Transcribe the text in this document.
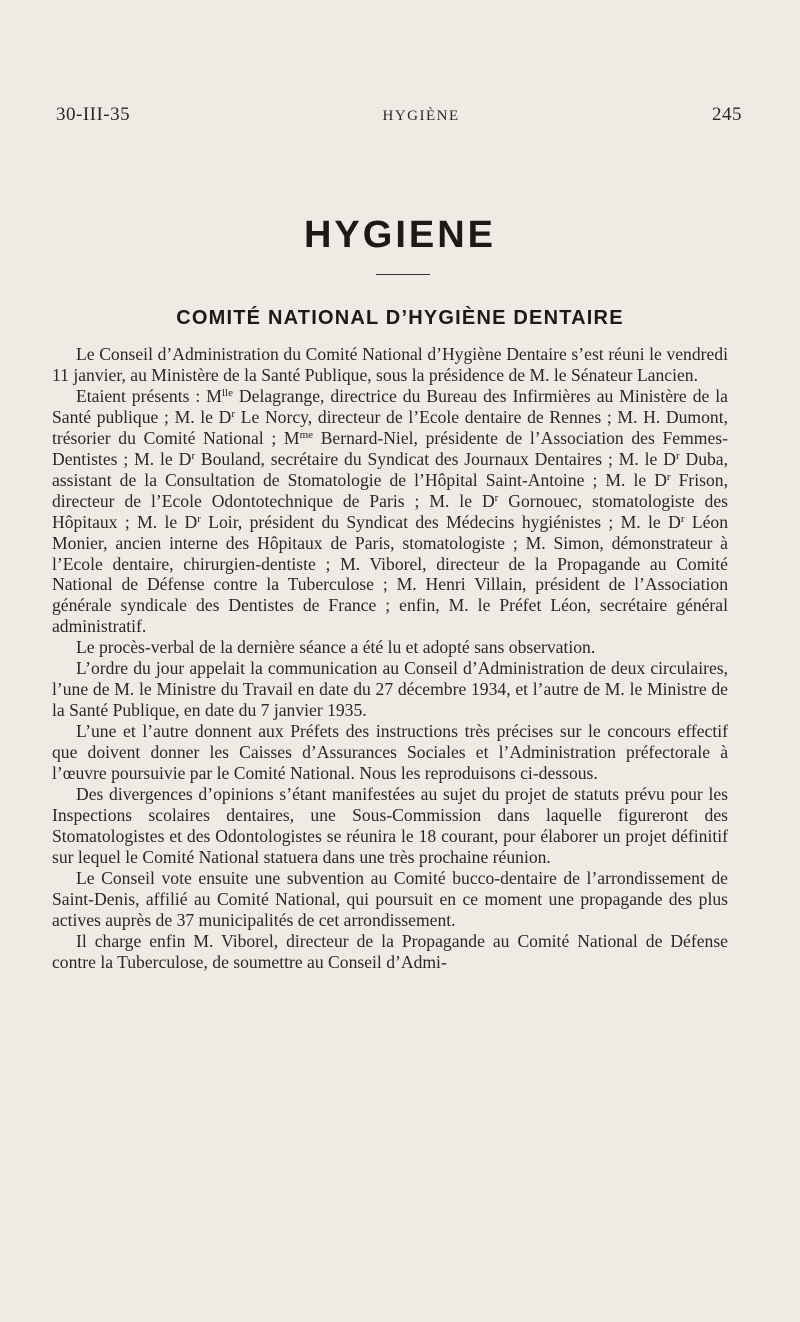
30-III-35	HYGIÈNE	245
HYGIENE
COMITÉ NATIONAL D’HYGIÈNE DENTAIRE

Le Conseil d’Administration du Comité National d’Hygiène Dentaire s’est réuni le vendredi 11 janvier, au Ministère de la Santé Publique, sous la présidence de M. le Sénateur Lancien.

Etaient présents : $M^{lle}$ Delagrange, directrice du Bureau des Infirmières au Ministère de la Santé publique ; M. le $D^r$ Le Norcy, directeur de l’Ecole dentaire de Rennes ; M. H. Dumont, trésorier du Comité National ; $M^{me}$ Bernard-Niel, présidente de l’Association des Femmes-Dentistes ; M. le $D^r$ Bouland, secrétaire du Syndicat des Journaux Dentaires ; M. le $D^r$ Duba, assistant de la Consultation de Stomatologie de l’Hôpital Saint-Antoine ; M. le $D^r$ Frison, directeur de l’Ecole Odontotechnique de Paris ; M. le $D^r$ Gornouec, stomatologiste des Hôpitaux ; M. le $D^r$ Loir, président du Syndicat des Médecins hygiénistes ; M. le $D^r$ Léon Monier, ancien interne des Hôpitaux de Paris, stomatologiste ; M. Simon, démonstrateur à l’Ecole dentaire, chirurgien-dentiste ; M. Viborel, directeur de la Propagande au Comité National de Défense contre la Tuberculose ; M. Henri Villain, président de l’Association générale syndicale des Dentistes de France ; enfin, M. le Préfet Léon, secrétaire général administratif.

Le procès-verbal de la dernière séance a été lu et adopté sans observation.

L’ordre du jour appelait la communication au Conseil d’Administration de deux circulaires, l’une de M. le Ministre du Travail en date du 27 décembre 1934, et l’autre de M. le Ministre de la Santé Publique, en date du 7 janvier 1935.

L’une et l’autre donnent aux Préfets des instructions très précises sur le concours effectif que doivent donner les Caisses d’Assurances Sociales et l’Administration préfectorale à l’œuvre poursuivie par le Comité National. Nous les reproduisons ci-dessous.

Des divergences d’opinions s’étant manifestées au sujet du projet de statuts prévu pour les Inspections scolaires dentaires, une Sous-Commission dans laquelle figureront des Stomatologistes et des Odontologistes se réunira le 18 courant, pour élaborer un projet définitif sur lequel le Comité National statuera dans une très prochaine réunion.

Le Conseil vote ensuite une subvention au Comité bucco-dentaire de l’arrondissement de Saint-Denis, affilié au Comité National, qui poursuit en ce moment une propagande des plus actives auprès de 37 municipalités de cet arrondissement.

Il charge enfin M. Viborel, directeur de la Propagande au Comité National de Défense contre la Tuberculose, de soumettre au Conseil d’Admi-
